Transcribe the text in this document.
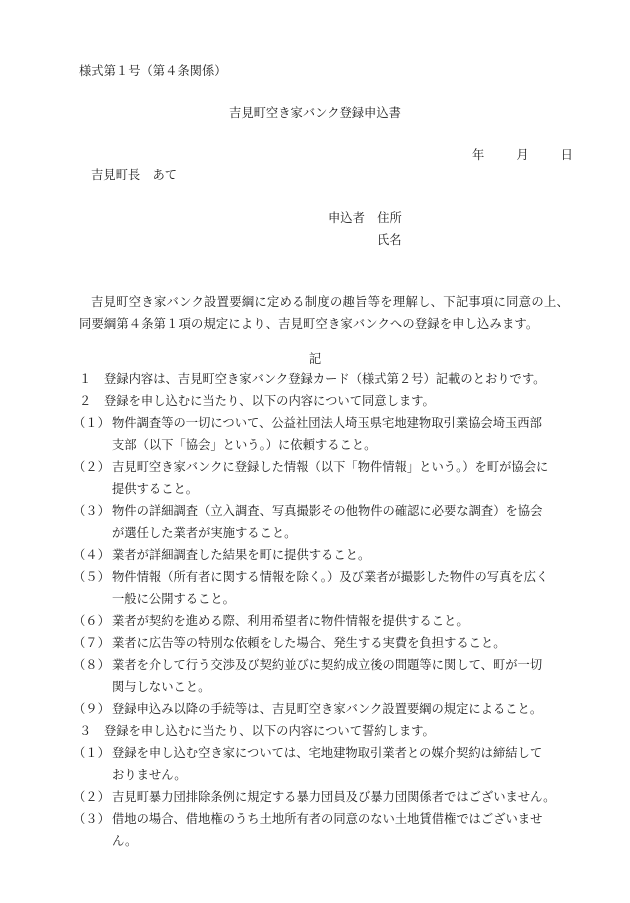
様式第１号（第４条関係）
吉見町空き家バンク登録申込書
年	月	日
吉見町長　あて
申込者　住所
氏名
吉見町空き家バンク設置要綱に定める制度の趣旨等を理解し、下記事項に同意の上、同要綱第４条第１項の規定により、吉見町空き家バンクへの登録を申し込みます。
記
１	登録内容は、吉見町空き家バンク登録カード（様式第２号）記載のとおりです。
２	登録を申し込むに当たり、以下の内容について同意します。
（１） 物件調査等の一切について、公益社団法人埼玉県宅地建物取引業協会埼玉西部
支部（以下「協会」という。）に依頼すること。
（２） 吉見町空き家バンクに登録した情報（以下「物件情報」という。）を町が協会に
提供すること。
（３） 物件の詳細調査（立入調査、写真撮影その他物件の確認に必要な調査）を協会
が選任した業者が実施すること。
（４） 業者が詳細調査した結果を町に提供すること。
（５） 物件情報（所有者に関する情報を除く。）及び業者が撮影した物件の写真を広く
一般に公開すること。
（６） 業者が契約を進める際、利用希望者に物件情報を提供すること。
（７） 業者に広告等の特別な依頼をした場合、発生する実費を負担すること。
（８） 業者を介して行う交渉及び契約並びに契約成立後の問題等に関して、町が一切
関与しないこと。
（９） 登録申込み以降の手続等は、吉見町空き家バンク設置要綱の規定によること。
３	登録を申し込むに当たり、以下の内容について誓約します。
（１） 登録を申し込む空き家については、宅地建物取引業者との媒介契約は締結して
おりません。
（２） 吉見町暴力団排除条例に規定する暴力団員及び暴力団関係者ではございません。
（３） 借地の場合、借地権のうち土地所有者の同意のない土地賃借権ではございませ
ん。
